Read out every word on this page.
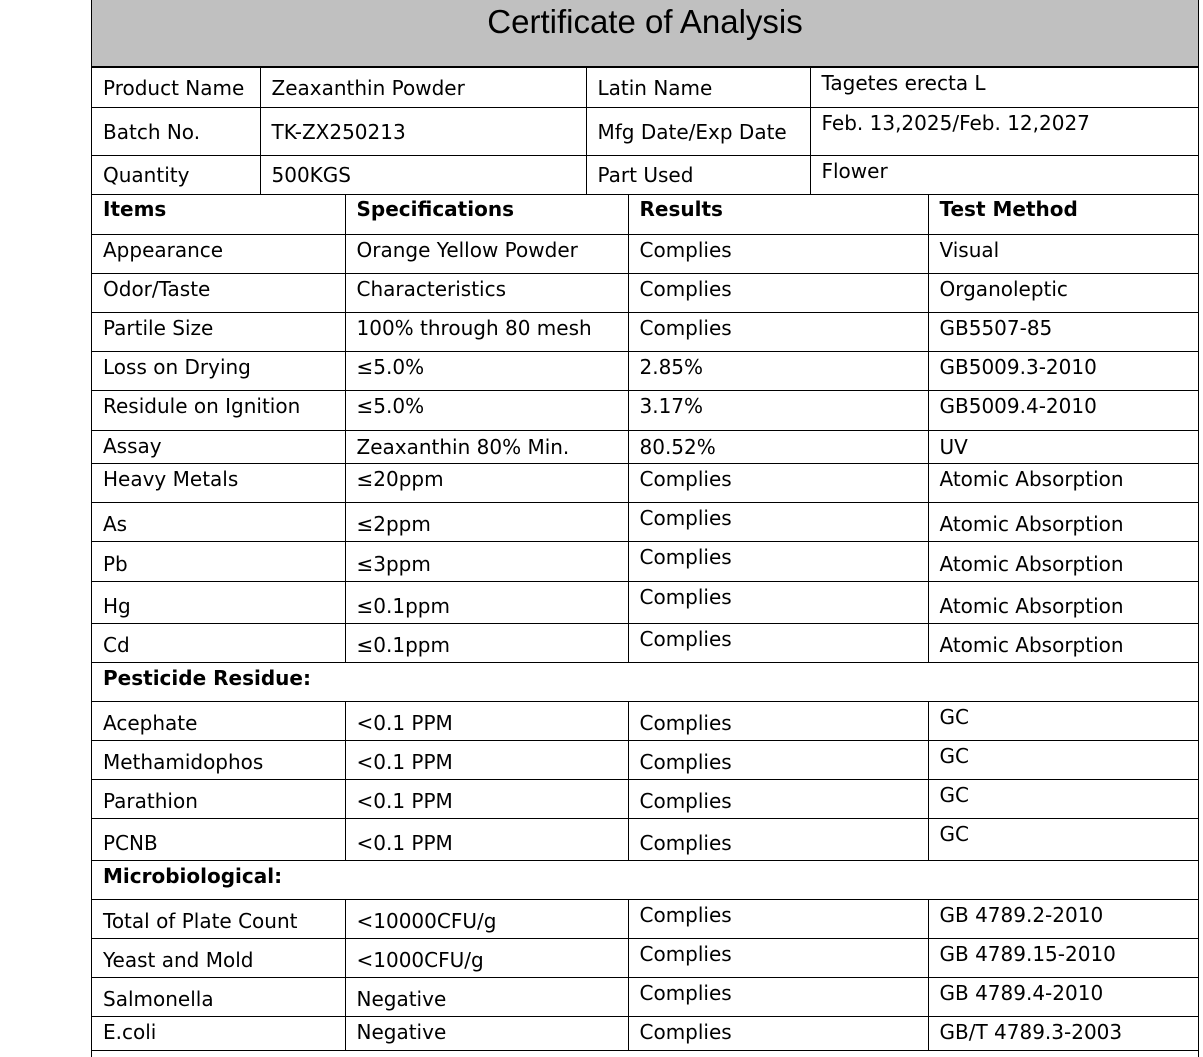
Certificate of Analysis
Product Name	Zeaxanthin Powder	Latin Name	Tagetes erecta L
Batch No.	TK-ZX250213	Mfg Date/Exp Date	Feb. 13,2025/Feb. 12,2027
Quantity	500KGS	Part Used	Flower
Items	Specifications	Results	Test Method
Appearance	Orange Yellow Powder	Complies	Visual
Odor/Taste	Characteristics	Complies	Organoleptic
Partile Size	100% through 80 mesh	Complies	GB5507-85
Loss on Drying	≤5.0%	2.85%	GB5009.3-2010
Residule on Ignition	≤5.0%	3.17%	GB5009.4-2010
Assay	Zeaxanthin 80% Min.	80.52%	UV
Heavy Metals	≤20ppm	Complies	Atomic Absorption
As	≤2ppm	Complies	Atomic Absorption
Pb	≤3ppm	Complies	Atomic Absorption
Hg	≤0.1ppm	Complies	Atomic Absorption
Cd	≤0.1ppm	Complies	Atomic Absorption
Pesticide Residue:			
Acephate	<0.1 PPM	Complies	GC
Methamidophos	<0.1 PPM	Complies	GC
Parathion	<0.1 PPM	Complies	GC
PCNB	<0.1 PPM	Complies	GC
Microbiological:			
Total of Plate Count	<10000CFU/g	Complies	GB 4789.2-2010
Yeast and Mold	<1000CFU/g	Complies	GB 4789.15-2010
Salmonella	Negative	Complies	GB 4789.4-2010
E.coli	Negative	Complies	GB/T 4789.3-2003
